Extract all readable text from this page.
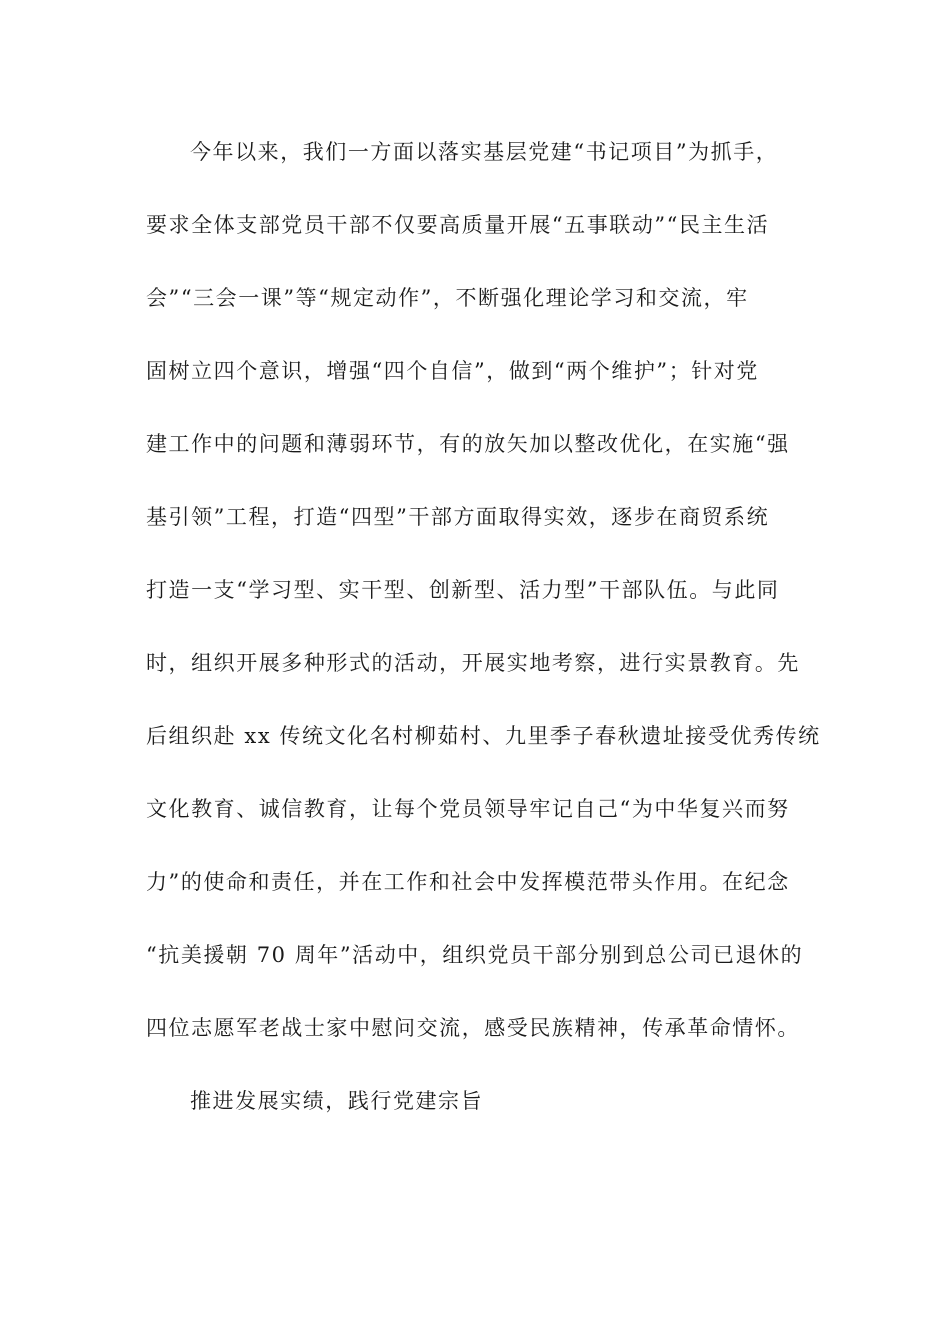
今年以来，我们一方面以落实基层党建“书记项目”为抓手，
要求全体支部党员干部不仅要高质量开展“五事联动”“民主生活
会”“三会一课”等“规定动作”，不断强化理论学习和交流，牢
固树立四个意识，增强“四个自信”，做到“两个维护”；针对党
建工作中的问题和薄弱环节，有的放矢加以整改优化，在实施“强
基引领”工程，打造“四型”干部方面取得实效，逐步在商贸系统
打造一支“学习型、实干型、创新型、活力型”干部队伍。与此同
时，组织开展多种形式的活动，开展实地考察，进行实景教育。先
后组织赴 xx 传统文化名村柳茹村、九里季子春秋遗址接受优秀传统
文化教育、诚信教育，让每个党员领导牢记自己“为中华复兴而努
力”的使命和责任，并在工作和社会中发挥模范带头作用。在纪念
“抗美援朝 70 周年”活动中，组织党员干部分别到总公司已退休的
四位志愿军老战士家中慰问交流，感受民族精神，传承革命情怀。
推进发展实绩，践行党建宗旨
